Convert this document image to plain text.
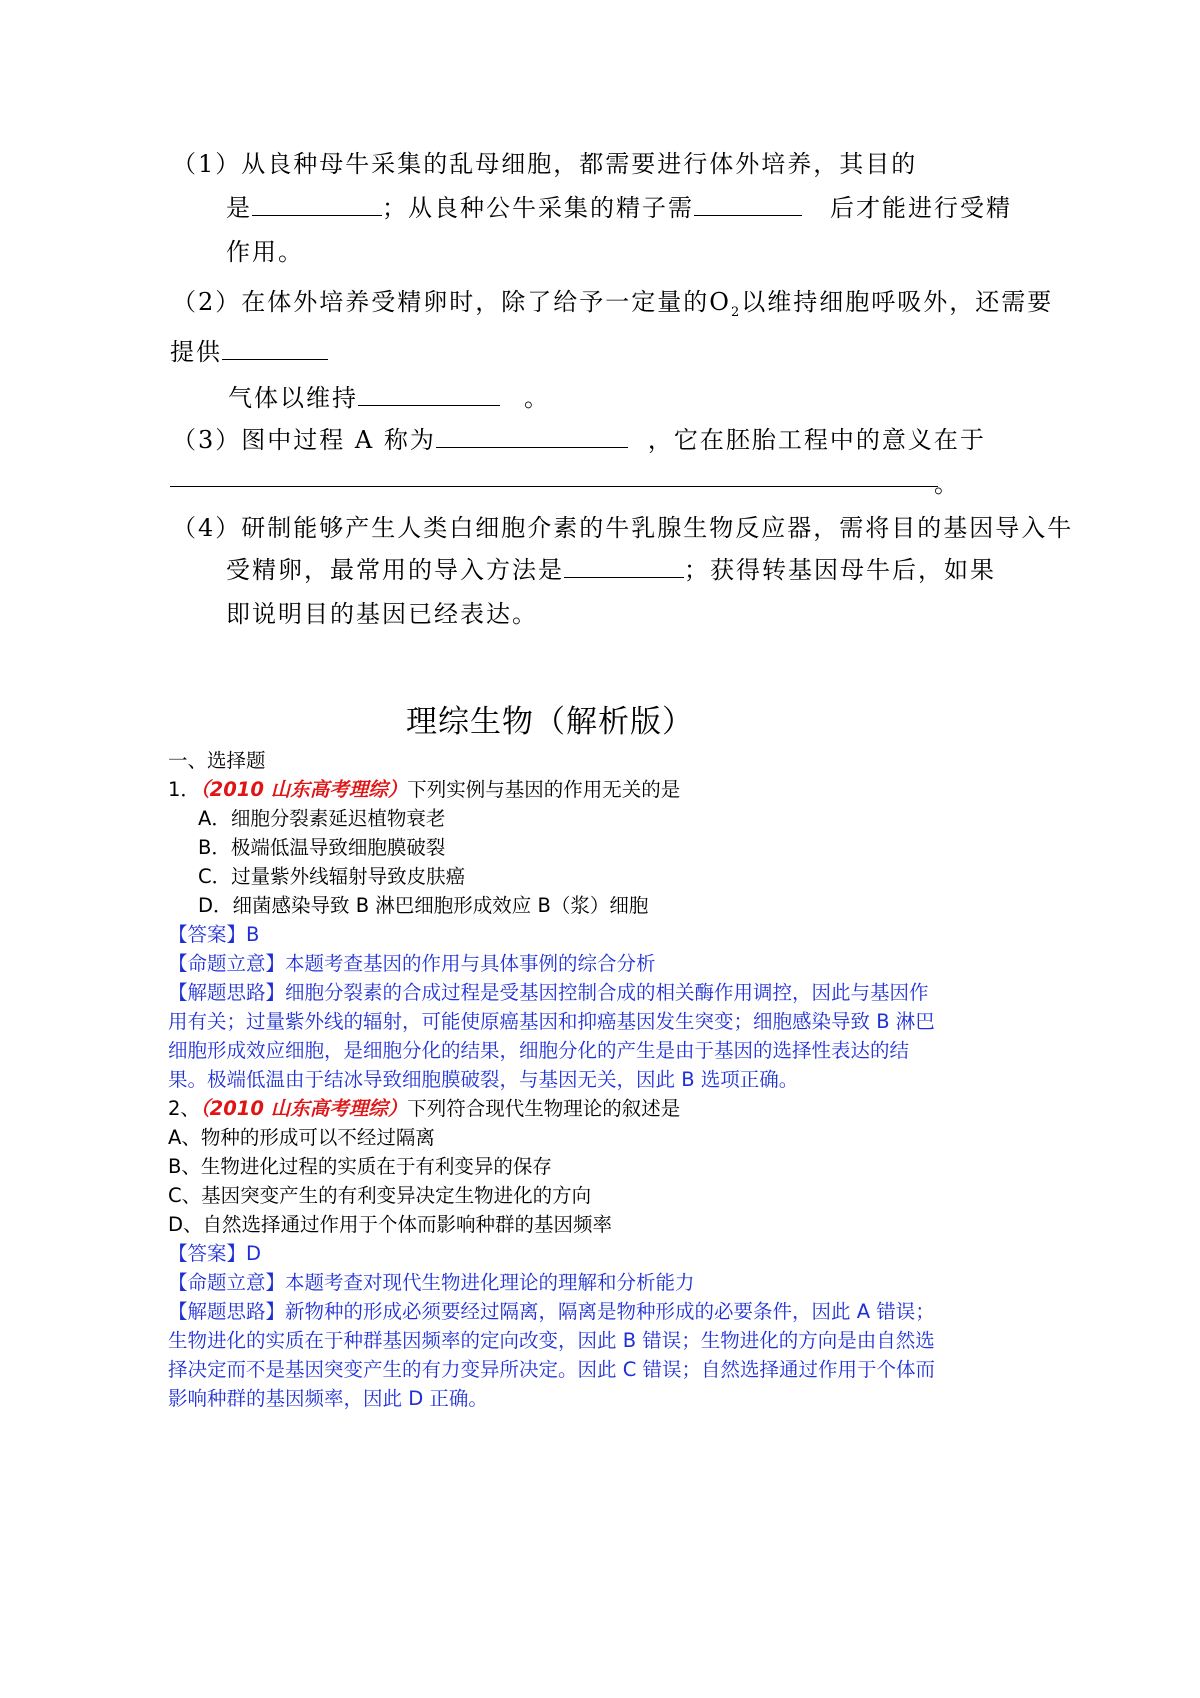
（1）从良种母牛采集的乱母细胞，都需要进行体外培养，其目的
是	；从良种公牛采集的精子需	后才能进行受精
作用。
（2）在体外培养受精卵时，除了给予一定量的$O_2$以维持细胞呼吸外，还需要
提供
气体以维持	。
（3）图中过程 A 称为	，它在胚胎工程中的意义在于
。
（4）研制能够产生人类白细胞介素的牛乳腺生物反应器，需将目的基因导入牛
受精卵，最常用的导入方法是	；获得转基因母牛后，如果
即说明目的基因已经表达。
理综生物（解析版）
一、选择题
1．（2010 山东高考理综）下列实例与基因的作用无关的是
A．细胞分裂素延迟植物衰老
B．极端低温导致细胞膜破裂
C．过量紫外线辐射导致皮肤癌
D．细菌感染导致 B 淋巴细胞形成效应 B（浆）细胞
【答案】B
【命题立意】本题考查基因的作用与具体事例的综合分析
【解题思路】细胞分裂素的合成过程是受基因控制合成的相关酶作用调控，因此与基因作
用有关；过量紫外线的辐射，可能使原癌基因和抑癌基因发生突变；细胞感染导致 B 淋巴
细胞形成效应细胞，是细胞分化的结果，细胞分化的产生是由于基因的选择性表达的结
果。极端低温由于结冰导致细胞膜破裂，与基因无关，因此 B 选项正确。
2、（2010 山东高考理综）下列符合现代生物理论的叙述是
A、物种的形成可以不经过隔离
B、生物进化过程的实质在于有利变异的保存
C、基因突变产生的有利变异决定生物进化的方向
D、自然选择通过作用于个体而影响种群的基因频率
【答案】D
【命题立意】本题考查对现代生物进化理论的理解和分析能力
【解题思路】新物种的形成必须要经过隔离，隔离是物种形成的必要条件，因此 A 错误；
生物进化的实质在于种群基因频率的定向改变，因此 B 错误；生物进化的方向是由自然选
择决定而不是基因突变产生的有力变异所决定。因此 C 错误；自然选择通过作用于个体而
影响种群的基因频率，因此 D 正确。
